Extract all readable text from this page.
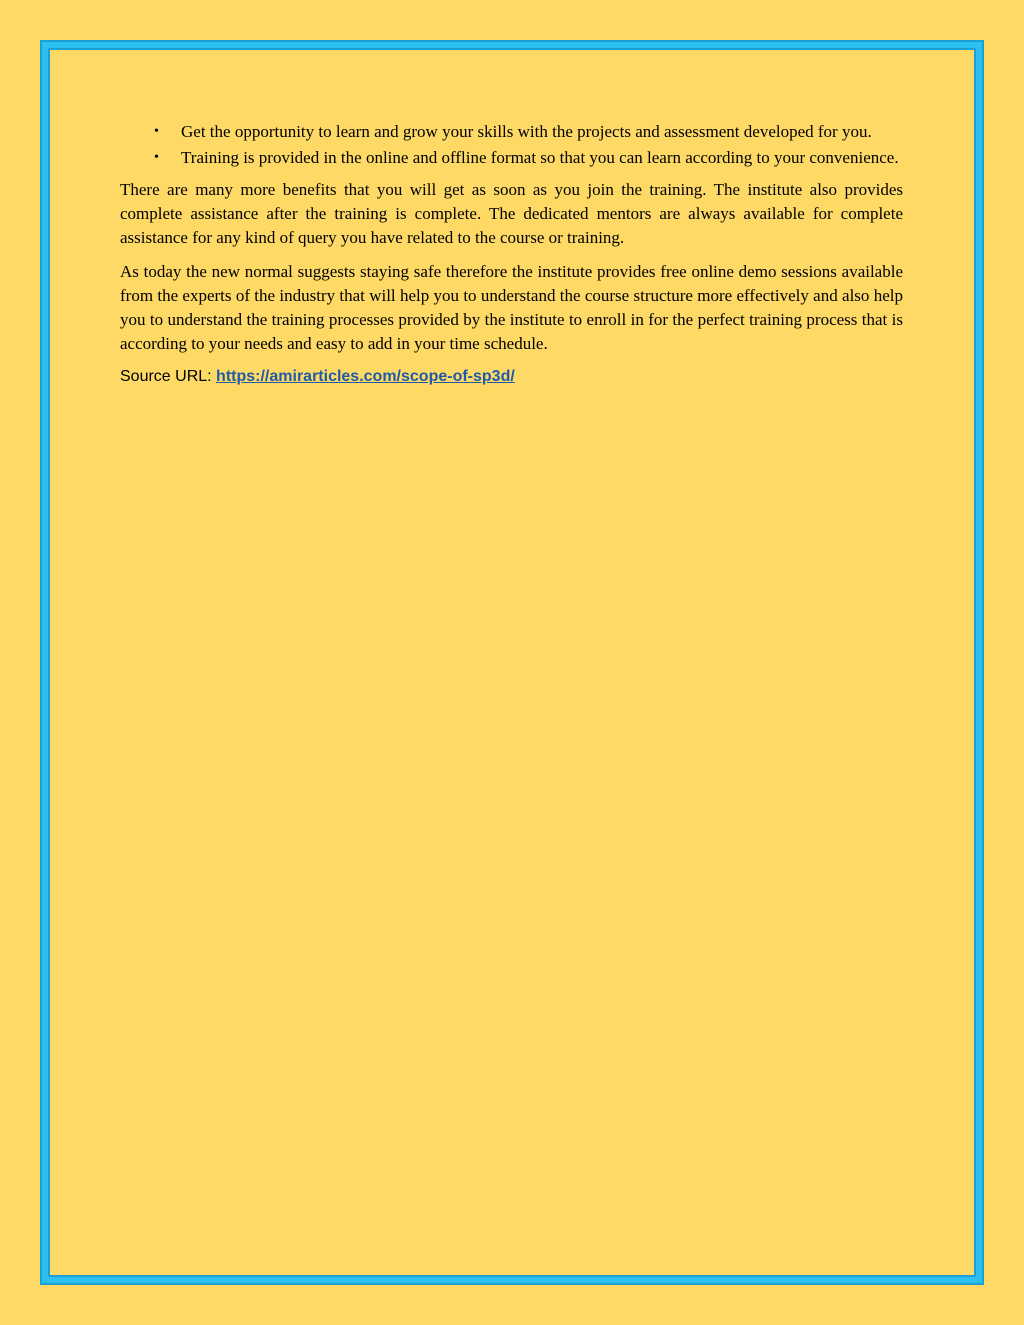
• Get the opportunity to learn and grow your skills with the projects and assessment developed for you.
• Training is provided in the online and offline format so that you can learn according to your convenience.

There are many more benefits that you will get as soon as you join the training. The institute also provides complete assistance after the training is complete. The dedicated mentors are always available for complete assistance for any kind of query you have related to the course or training.

As today the new normal suggests staying safe therefore the institute provides free online demo sessions available from the experts of the industry that will help you to understand the course structure more effectively and also help you to understand the training processes provided by the institute to enroll in for the perfect training process that is according to your needs and easy to add in your time schedule.

Source URL: https://amirarticles.com/scope-of-sp3d/
